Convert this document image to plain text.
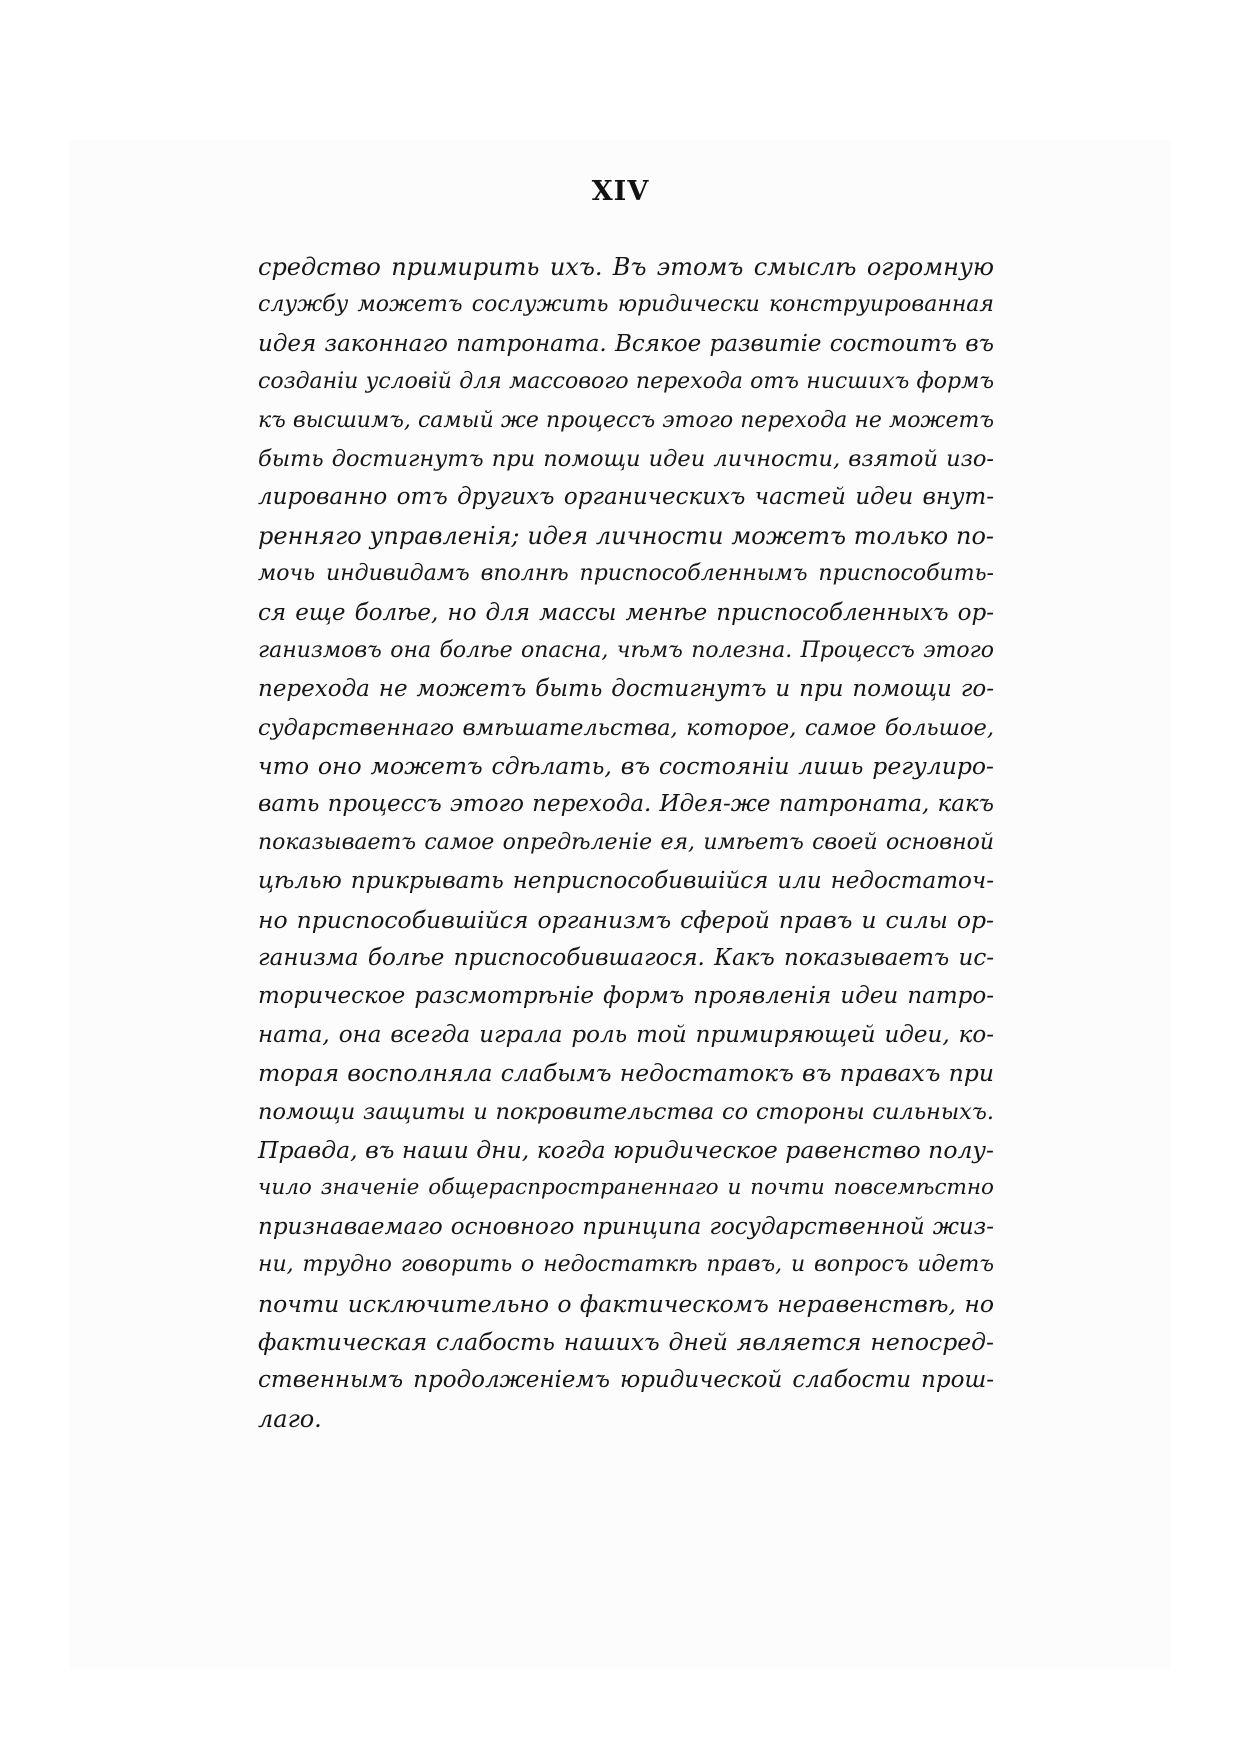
XIV
средство примирить ихъ. Въ этомъ смыслѣ огромную
службу можетъ сослужить юридически конструированная
идея законнаго патроната. Всякое развитіе состоитъ въ
созданіи условій для массового перехода отъ нисшихъ формъ
къ высшимъ, самый же процессъ этого перехода не можетъ
быть достигнутъ при помощи идеи личности, взятой изо-
лированно отъ другихъ органическихъ частей идеи внут-
ренняго управленія; идея личности можетъ только по-
мочь индивидамъ вполнѣ приспособленнымъ приспособить-
ся еще болѣе, но для массы менѣе приспособленныхъ ор-
ганизмовъ она болѣе опасна, чѣмъ полезна. Процессъ этого
перехода не можетъ быть достигнутъ и при помощи го-
сударственнаго вмѣшательства, которое, самое большое,
что оно можетъ сдѣлать, въ состояніи лишь регулиро-
вать процессъ этого перехода. Идея-же патроната, какъ
показываетъ самое опредѣленіе ея, имѣетъ своей основной
цѣлью прикрывать неприспособившійся или недостаточ-
но приспособившійся организмъ сферой правъ и силы ор-
ганизма болѣе приспособившагося. Какъ показываетъ ис-
торическое разсмотрѣніе формъ проявленія идеи патро-
ната, она всегда играла роль той примиряющей идеи, ко-
торая восполняла слабымъ недостатокъ въ правахъ при
помощи защиты и покровительства со стороны сильныхъ.
Правда, въ наши дни, когда юридическое равенство полу-
чило значеніе общераспространеннаго и почти повсемѣстно
признаваемаго основного принципа государственной жиз-
ни, трудно говорить о недостаткѣ правъ, и вопросъ идетъ
почти исключительно о фактическомъ неравенствѣ, но
фактическая слабость нашихъ дней является непосред-
ственнымъ продолженіемъ юридической слабости прош-
лаго.
